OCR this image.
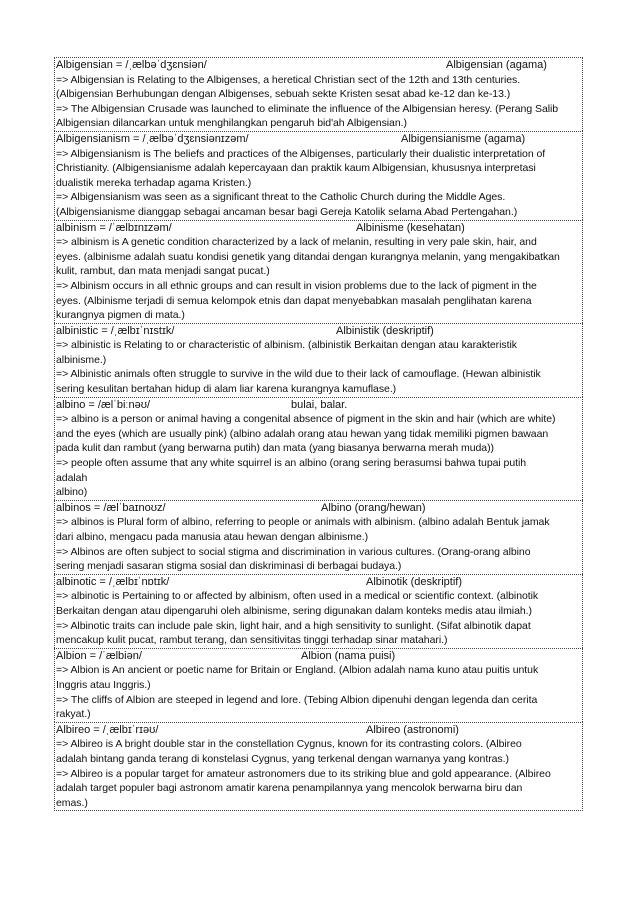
Albigensian = /ˌælbəˈdʒɛnsiən/	Albigensian (agama)
=> Albigensian is Relating to the Albigenses, a heretical Christian sect of the 12th and 13th centuries.
(Albigensian Berhubungan dengan Albigenses, sebuah sekte Kristen sesat abad ke-12 dan ke-13.)
=> The Albigensian Crusade was launched to eliminate the influence of the Albigensian heresy. (Perang Salib
Albigensian dilancarkan untuk menghilangkan pengaruh bid'ah Albigensian.)
Albigensianism = /ˌælbəˈdʒɛnsiənɪzəm/	Albigensianisme (agama)
=> Albigensianism is The beliefs and practices of the Albigenses, particularly their dualistic interpretation of
Christianity. (Albigensianisme adalah kepercayaan dan praktik kaum Albigensian, khususnya interpretasi
dualistik mereka terhadap agama Kristen.)
=> Albigensianism was seen as a significant threat to the Catholic Church during the Middle Ages.
(Albigensianisme dianggap sebagai ancaman besar bagi Gereja Katolik selama Abad Pertengahan.)
albinism = /ˈælbɪnɪzəm/	Albinisme (kesehatan)
=> albinism is A genetic condition characterized by a lack of melanin, resulting in very pale skin, hair, and
eyes. (albinisme adalah suatu kondisi genetik yang ditandai dengan kurangnya melanin, yang mengakibatkan
kulit, rambut, dan mata menjadi sangat pucat.)
=> Albinism occurs in all ethnic groups and can result in vision problems due to the lack of pigment in the
eyes. (Albinisme terjadi di semua kelompok etnis dan dapat menyebabkan masalah penglihatan karena
kurangnya pigmen di mata.)
albinistic = /ˌælbɪˈnɪstɪk/	Albinistik (deskriptif)
=> albinistic is Relating to or characteristic of albinism. (albinistik Berkaitan dengan atau karakteristik
albinisme.)
=> Albinistic animals often struggle to survive in the wild due to their lack of camouflage. (Hewan albinistik
sering kesulitan bertahan hidup di alam liar karena kurangnya kamuflase.)
albino = /ælˈbiːnəʊ/	bulai, balar.
=> albino is a person or animal having a congenital absence of pigment in the skin and hair (which are white)
and the eyes (which are usually pink) (albino adalah orang atau hewan yang tidak memiliki pigmen bawaan
pada kulit dan rambut (yang berwarna putih) dan mata (yang biasanya berwarna merah muda))
=> people often assume that any white squirrel is an albino (orang sering berasumsi bahwa tupai putih
adalah
albino)
albinos = /ælˈbaɪnoʊz/	Albino (orang/hewan)
=> albinos is Plural form of albino, referring to people or animals with albinism. (albino adalah Bentuk jamak
dari albino, mengacu pada manusia atau hewan dengan albinisme.)
=> Albinos are often subject to social stigma and discrimination in various cultures. (Orang-orang albino
sering menjadi sasaran stigma sosial dan diskriminasi di berbagai budaya.)
albinotic = /ˌælbɪˈnɒtɪk/	Albinotik (deskriptif)
=> albinotic is Pertaining to or affected by albinism, often used in a medical or scientific context. (albinotik
Berkaitan dengan atau dipengaruhi oleh albinisme, sering digunakan dalam konteks medis atau ilmiah.)
=> Albinotic traits can include pale skin, light hair, and a high sensitivity to sunlight. (Sifat albinotik dapat
mencakup kulit pucat, rambut terang, dan sensitivitas tinggi terhadap sinar matahari.)
Albion = /ˈælbiən/	Albion (nama puisi)
=> Albion is An ancient or poetic name for Britain or England. (Albion adalah nama kuno atau puitis untuk
Inggris atau Inggris.)
=> The cliffs of Albion are steeped in legend and lore. (Tebing Albion dipenuhi dengan legenda dan cerita
rakyat.)
Albireo = /ˌælbɪˈrɪəʊ/	Albireo (astronomi)
=> Albireo is A bright double star in the constellation Cygnus, known for its contrasting colors. (Albireo
adalah bintang ganda terang di konstelasi Cygnus, yang terkenal dengan warnanya yang kontras.)
=> Albireo is a popular target for amateur astronomers due to its striking blue and gold appearance. (Albireo
adalah target populer bagi astronom amatir karena penampilannya yang mencolok berwarna biru dan
emas.)
